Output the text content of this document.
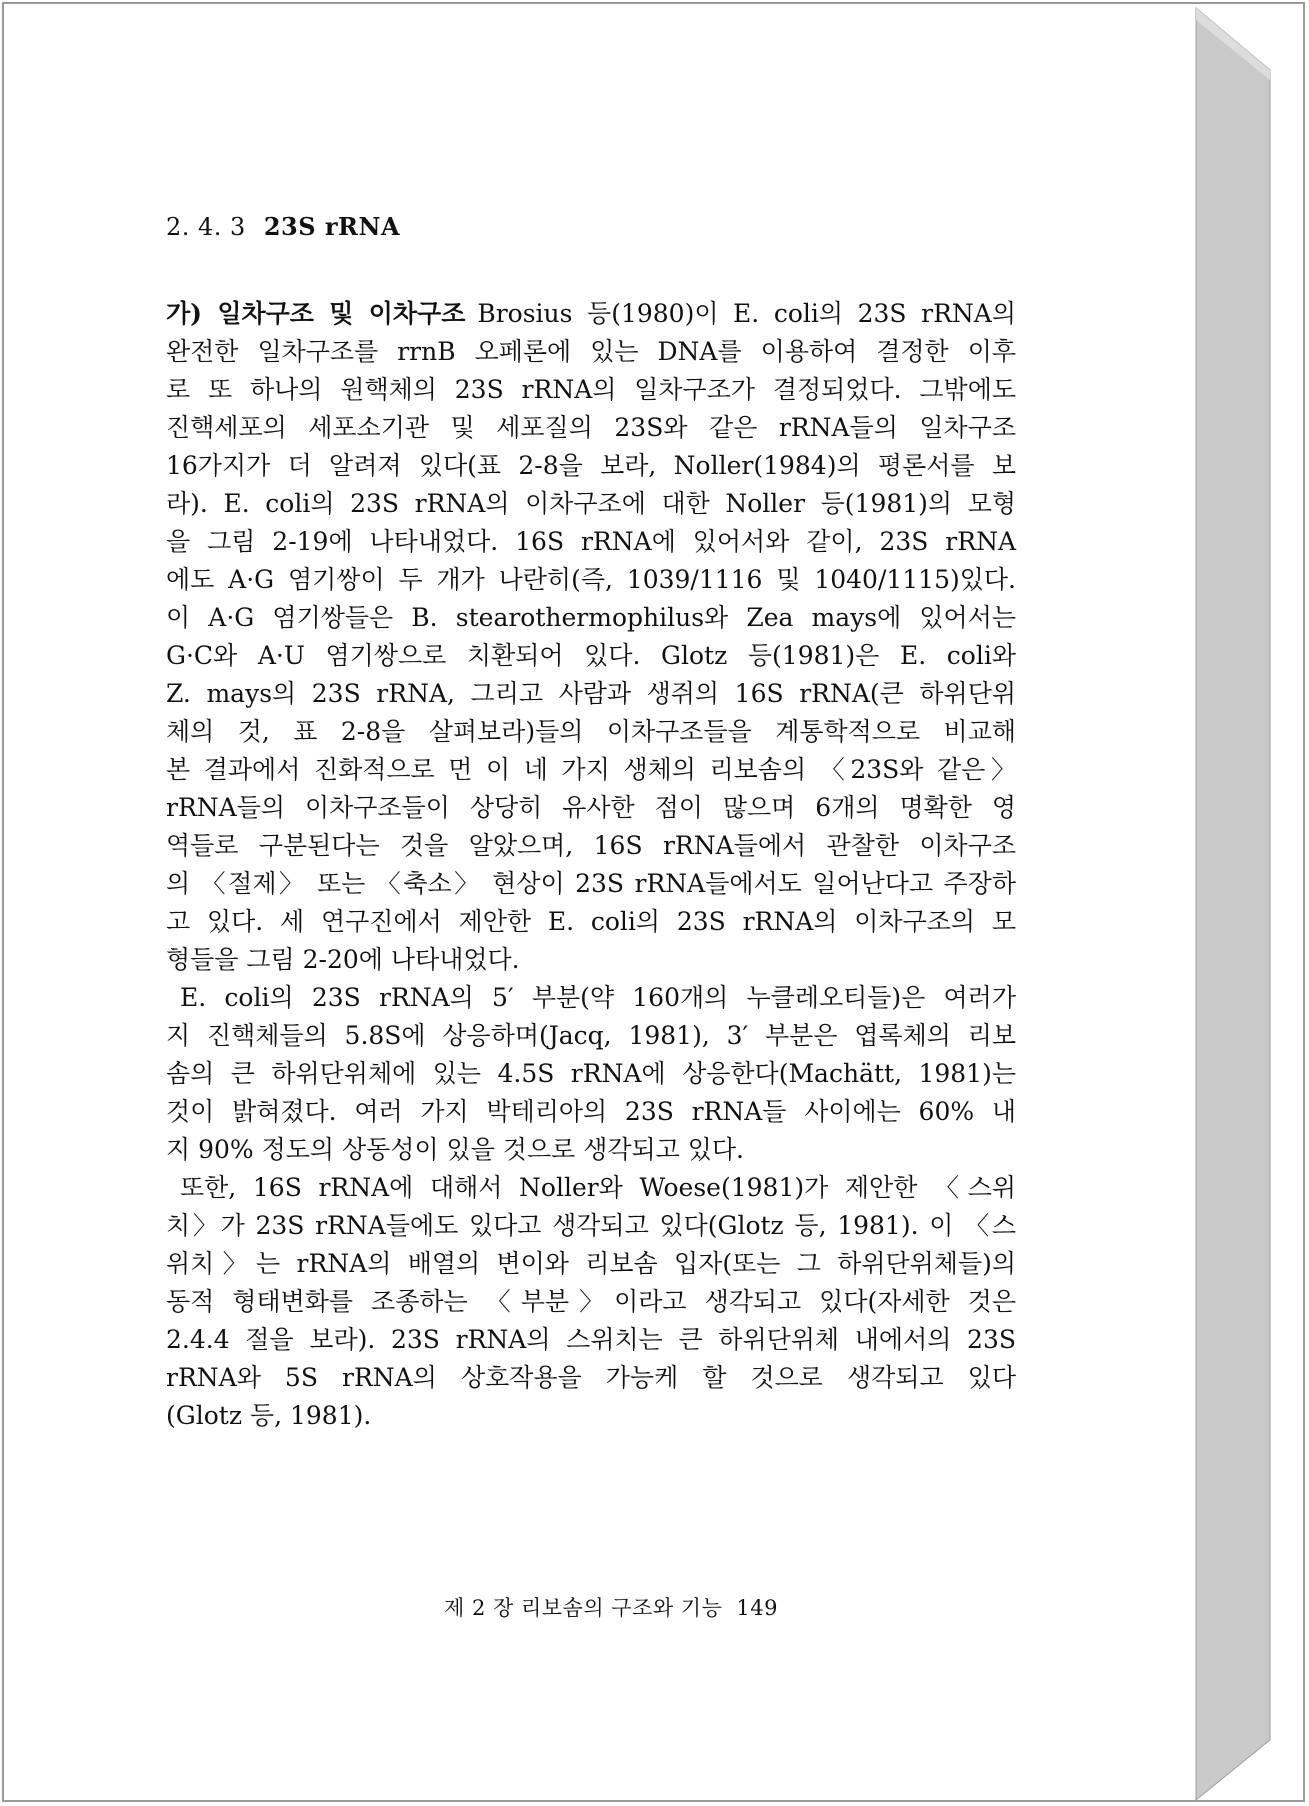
2. 4. 3 23S rRNA
가) 일차구조 및 이차구조 Brosius 등(1980)이 E. coli의 23S rRNA의
완전한 일차구조를 rrnB 오페론에 있는 DNA를 이용하여 결정한 이후
로 또 하나의 원핵체의 23S rRNA의 일차구조가 결정되었다. 그밖에도
진핵세포의 세포소기관 및 세포질의 23S와 같은 rRNA들의 일차구조
16가지가 더 알려져 있다(표 2-8을 보라, Noller(1984)의 평론서를 보
라). E. coli의 23S rRNA의 이차구조에 대한 Noller 등(1981)의 모형
을 그림 2-19에 나타내었다. 16S rRNA에 있어서와 같이, 23S rRNA
에도 A·G 염기쌍이 두 개가 나란히(즉, 1039/1116 및 1040/1115)있다.
이 A·G 염기쌍들은 B. stearothermophilus와 Zea mays에 있어서는
G·C와 A·U 염기쌍으로 치환되어 있다. Glotz 등(1981)은 E. coli와
Z. mays의 23S rRNA, 그리고 사람과 생쥐의 16S rRNA(큰 하위단위
체의 것, 표 2-8을 살펴보라)들의 이차구조들을 계통학적으로 비교해
본 결과에서 진화적으로 먼 이 네 가지 생체의 리보솜의 〈23S와 같은〉
rRNA들의 이차구조들이 상당히 유사한 점이 많으며 6개의 명확한 영
역들로 구분된다는 것을 알았으며, 16S rRNA들에서 관찰한 이차구조
의 〈절제〉 또는 〈축소〉 현상이 23S rRNA들에서도 일어난다고 주장하
고 있다. 세 연구진에서 제안한 E. coli의 23S rRNA의 이차구조의 모
형들을 그림 2-20에 나타내었다.
E. coli의 23S rRNA의 5′ 부분(약 160개의 누클레오티들)은 여러가
지 진핵체들의 5.8S에 상응하며(Jacq, 1981), 3′ 부분은 엽록체의 리보
솜의 큰 하위단위체에 있는 4.5S rRNA에 상응한다(Machätt, 1981)는
것이 밝혀졌다. 여러 가지 박테리아의 23S rRNA들 사이에는 60% 내
지 90% 정도의 상동성이 있을 것으로 생각되고 있다.
또한, 16S rRNA에 대해서 Noller와 Woese(1981)가 제안한 〈스위
치〉가 23S rRNA들에도 있다고 생각되고 있다(Glotz 등, 1981). 이 〈스
위치〉는 rRNA의 배열의 변이와 리보솜 입자(또는 그 하위단위체들)의
동적 형태변화를 조종하는 〈부분〉이라고 생각되고 있다(자세한 것은
2.4.4 절을 보라). 23S rRNA의 스위치는 큰 하위단위체 내에서의 23S
rRNA와 5S rRNA의 상호작용을 가능케 할 것으로 생각되고 있다
(Glotz 등, 1981).
제 2 장 리보솜의 구조와 기능 149
